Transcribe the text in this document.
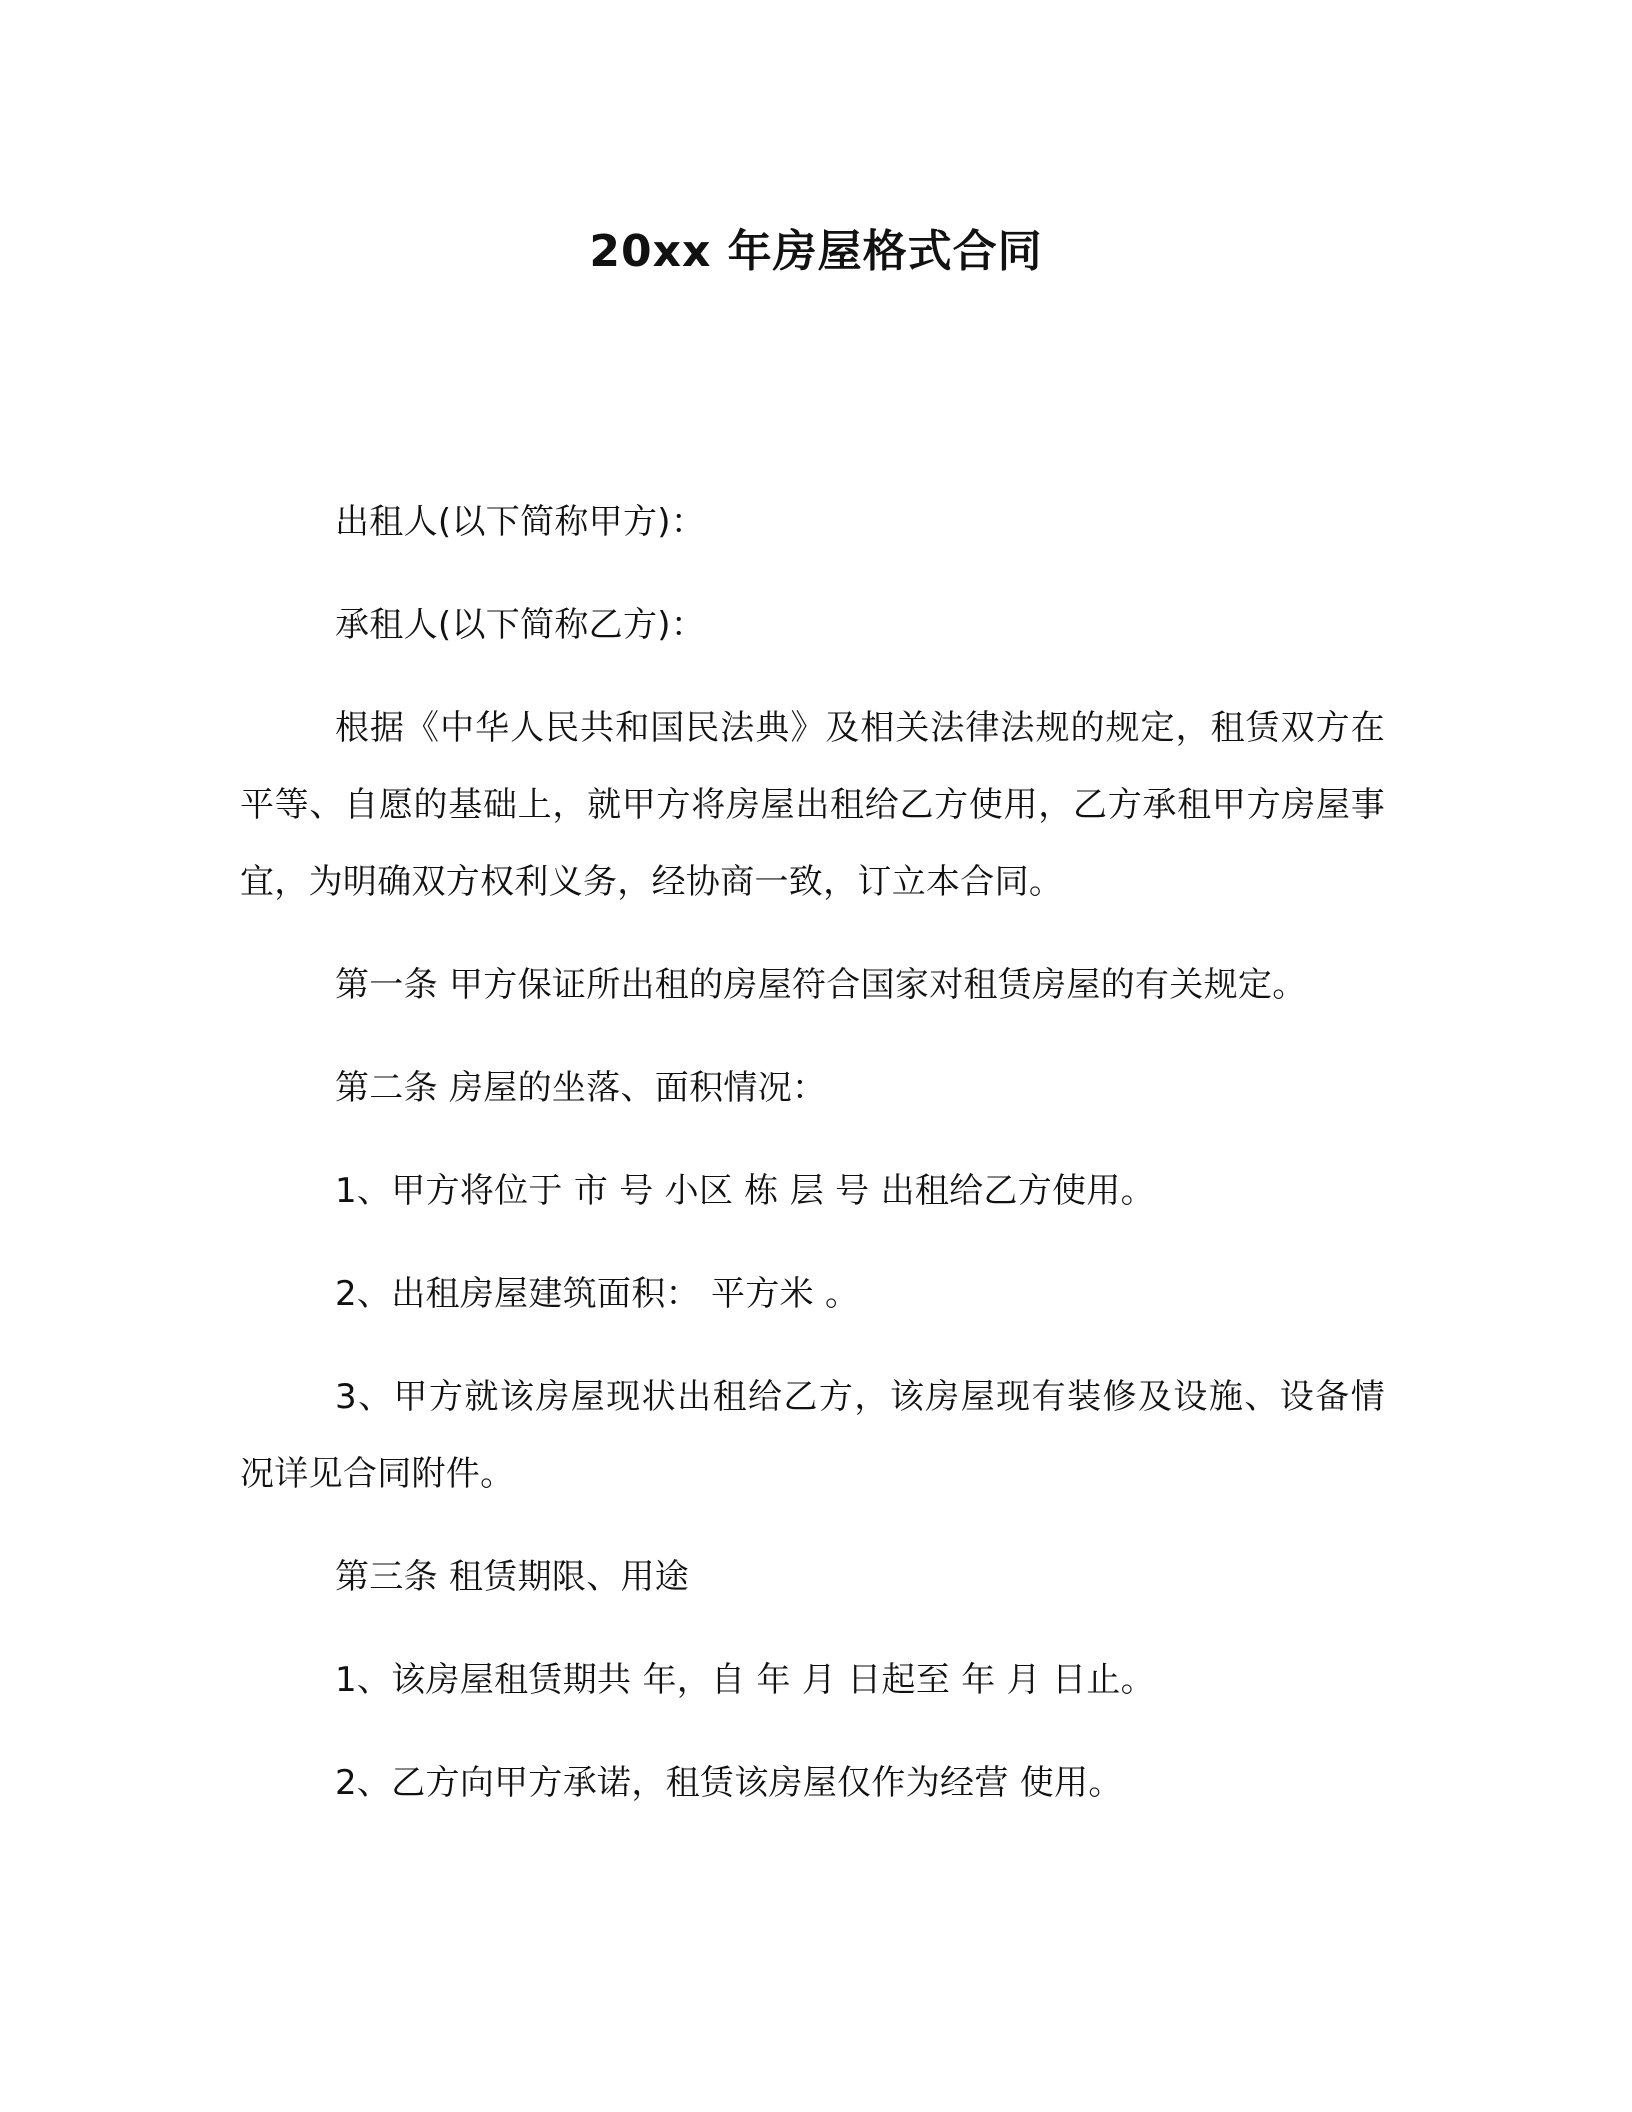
20xx 年房屋格式合同

出租人(以下简称甲方)：

承租人(以下简称乙方)：

根据《中华人民共和国民法典》及相关法律法规的规定，租赁双方在平等、自愿的基础上，就甲方将房屋出租给乙方使用，乙方承租甲方房屋事宜，为明确双方权利义务，经协商一致，订立本合同。

第一条 甲方保证所出租的房屋符合国家对租赁房屋的有关规定。

第二条 房屋的坐落、面积情况：

1、甲方将位于 市 号 小区 栋 层 号 出租给乙方使用。

2、出租房屋建筑面积： 平方米 。

3、甲方就该房屋现状出租给乙方，该房屋现有装修及设施、设备情况详见合同附件。

第三条 租赁期限、用途

1、该房屋租赁期共 年，自 年 月 日起至 年 月 日止。

2、乙方向甲方承诺，租赁该房屋仅作为经营 使用。
